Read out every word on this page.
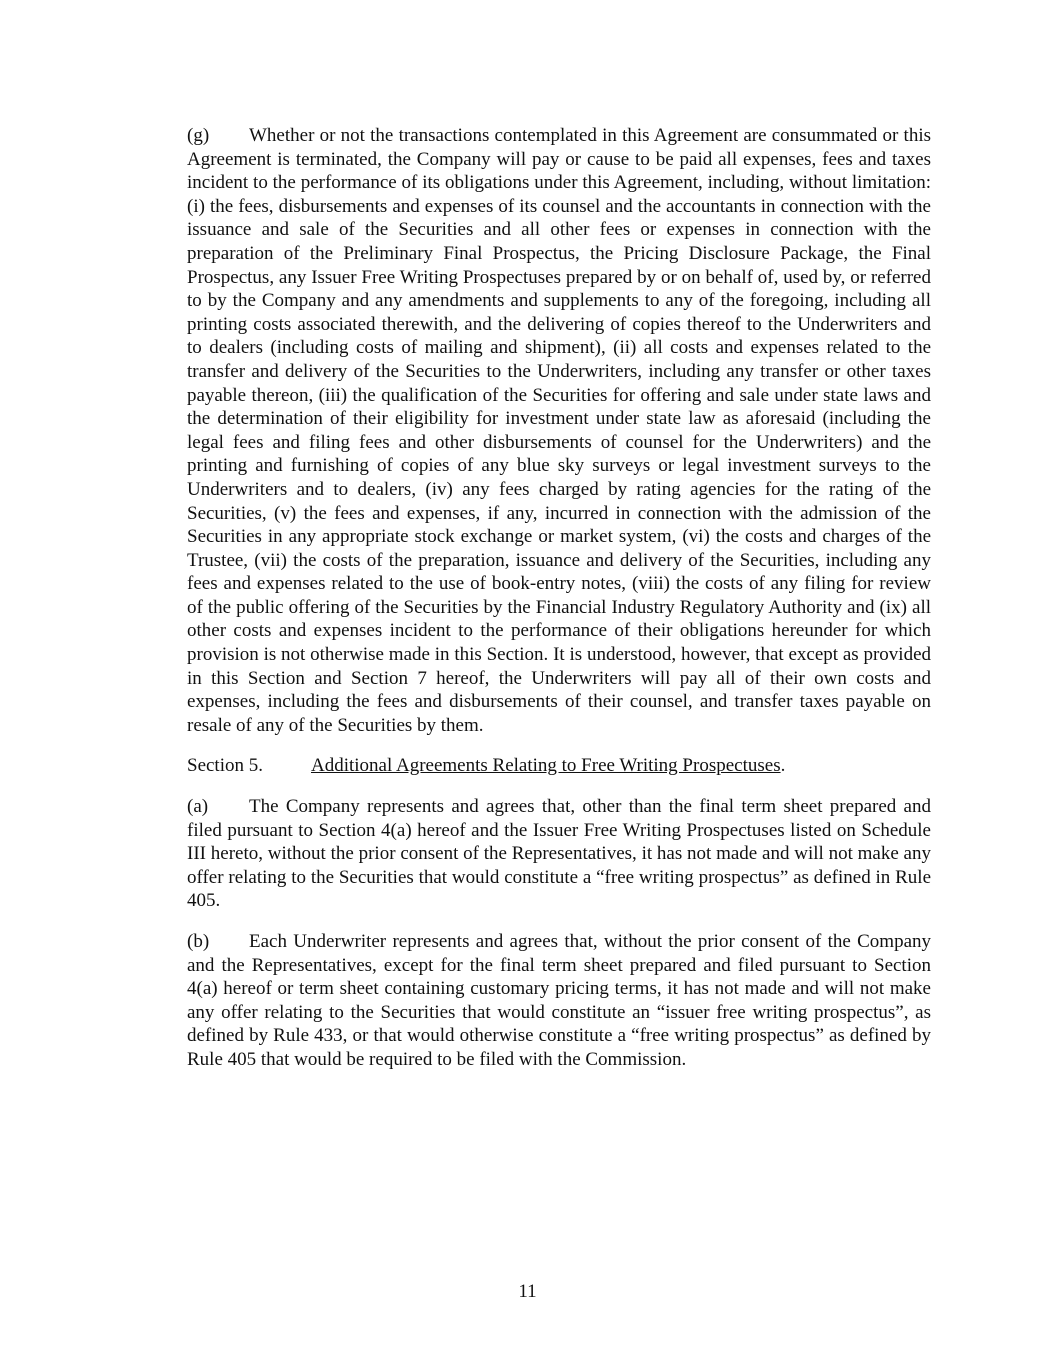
(g) Whether or not the transactions contemplated in this Agreement are consummated or this Agreement is terminated, the Company will pay or cause to be paid all expenses, fees and taxes incident to the performance of its obligations under this Agreement, including, without limitation: (i) the fees, disbursements and expenses of its counsel and the accountants in connection with the issuance and sale of the Securities and all other fees or expenses in connection with the preparation of the Preliminary Final Prospectus, the Pricing Disclosure Package, the Final Prospectus, any Issuer Free Writing Prospectuses prepared by or on behalf of, used by, or referred to by the Company and any amendments and supplements to any of the foregoing, including all printing costs associated therewith, and the delivering of copies thereof to the Underwriters and to dealers (including costs of mailing and shipment), (ii) all costs and expenses related to the transfer and delivery of the Securities to the Underwriters, including any transfer or other taxes payable thereon, (iii) the qualification of the Securities for offering and sale under state laws and the determination of their eligibility for investment under state law as aforesaid (including the legal fees and filing fees and other disbursements of counsel for the Underwriters) and the printing and furnishing of copies of any blue sky surveys or legal investment surveys to the Underwriters and to dealers, (iv) any fees charged by rating agencies for the rating of the Securities, (v) the fees and expenses, if any, incurred in connection with the admission of the Securities in any appropriate stock exchange or market system, (vi) the costs and charges of the Trustee, (vii) the costs of the preparation, issuance and delivery of the Securities, including any fees and expenses related to the use of book-entry notes, (viii) the costs of any filing for review of the public offering of the Securities by the Financial Industry Regulatory Authority and (ix) all other costs and expenses incident to the performance of their obligations hereunder for which provision is not otherwise made in this Section. It is understood, however, that except as provided in this Section and Section 7 hereof, the Underwriters will pay all of their own costs and expenses, including the fees and disbursements of their counsel, and transfer taxes payable on resale of any of the Securities by them.

Section 5.	Additional Agreements Relating to Free Writing Prospectuses.

(a) The Company represents and agrees that, other than the final term sheet prepared and filed pursuant to Section 4(a) hereof and the Issuer Free Writing Prospectuses listed on Schedule III hereto, without the prior consent of the Representatives, it has not made and will not make any offer relating to the Securities that would constitute a “free writing prospectus” as defined in Rule 405.

(b) Each Underwriter represents and agrees that, without the prior consent of the Company and the Representatives, except for the final term sheet prepared and filed pursuant to Section 4(a) hereof or term sheet containing customary pricing terms, it has not made and will not make any offer relating to the Securities that would constitute an “issuer free writing prospectus”, as defined by Rule 433, or that would otherwise constitute a “free writing prospectus” as defined by Rule 405 that would be required to be filed with the Commission.

11
